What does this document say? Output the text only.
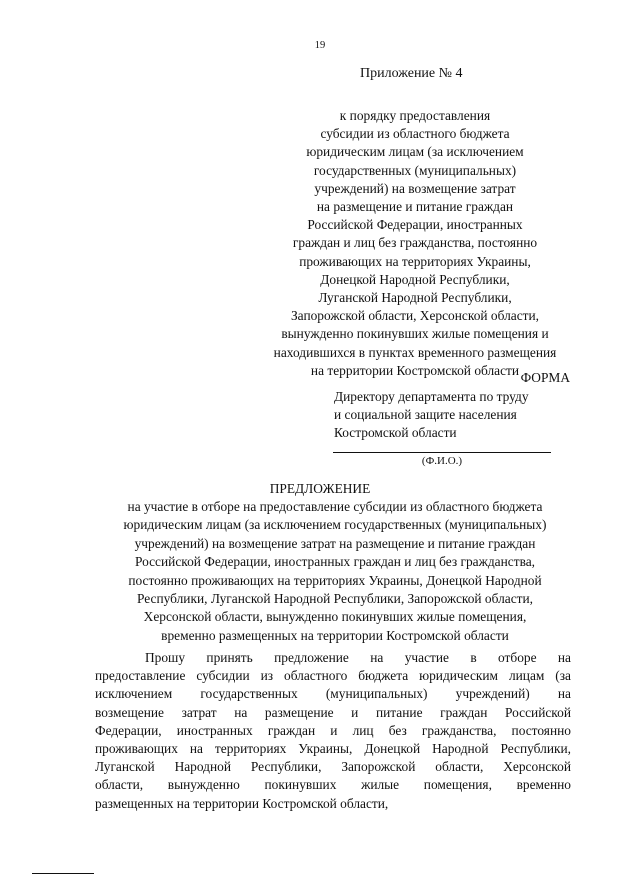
19
Приложение № 4
к порядку предоставления
субсидии из областного бюджета
юридическим лицам (за исключением
государственных (муниципальных)
учреждений) на возмещение затрат
на размещение и питание граждан
Российской Федерации, иностранных
граждан и лиц без гражданства, постоянно
проживающих на территориях Украины,
Донецкой Народной Республики,
Луганской Народной Республики,
Запорожской области, Херсонской области,
вынужденно покинувших жилые помещения и
находившихся в пунктах временного размещения
на территории Костромской области ФОРМА
Директору департамента по труду
и социальной защите населения
Костромской области
(Ф.И.О.)
ПРЕДЛОЖЕНИЕ
на участие в отборе на предоставление субсидии из областного бюджета
юридическим лицам (за исключением государственных (муниципальных)
учреждений) на возмещение затрат на размещение и питание граждан
Российской Федерации, иностранных граждан и лиц без гражданства,
постоянно проживающих на территориях Украины, Донецкой Народной
Республики, Луганской Народной Республики, Запорожской области,
Херсонской области, вынужденно покинувших жилые помещения,
временно размещенных на территории Костромской области
Прошу принять предложение на участие в отборе на
предоставление субсидии из областного бюджета юридическим лицам (за
исключением государственных (муниципальных) учреждений) на
возмещение затрат на размещение и питание граждан Российской
Федерации, иностранных граждан и лиц без гражданства, постоянно
проживающих на территориях Украины, Донецкой Народной Республики,
Луганской Народной Республики, Запорожской области, Херсонской
области, вынужденно покинувших жилые помещения, временно
размещенных на территории Костромской области,
